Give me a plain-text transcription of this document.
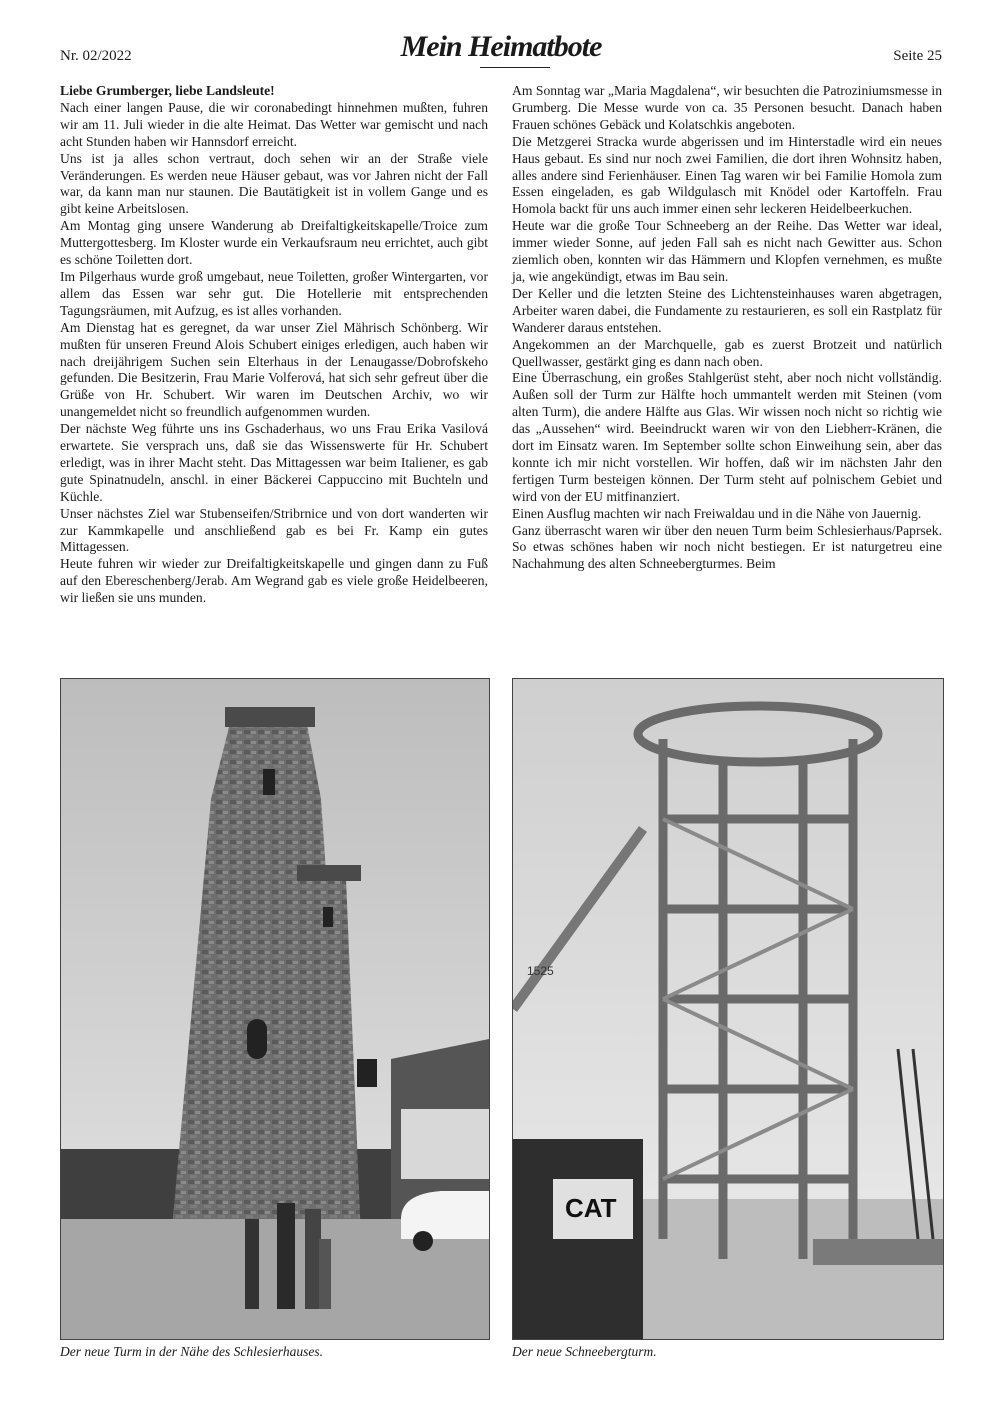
Nr. 02/2022	Mein Heimatbote	Seite 25

Liebe Grumberger, liebe Landsleute!

Nach einer langen Pause, die wir coronabedingt hinnehmen mußten, fuhren wir am 11. Juli wieder in die alte Heimat. Das Wetter war gemischt und nach acht Stunden haben wir Hannsdorf erreicht.

Uns ist ja alles schon vertraut, doch sehen wir an der Straße viele Veränderungen. Es werden neue Häuser gebaut, was vor Jahren nicht der Fall war, da kann man nur staunen. Die Bautätigkeit ist in vollem Gange und es gibt keine Arbeitslosen.

Am Montag ging unsere Wanderung ab Dreifaltigkeitskapelle/Troice zum Muttergottesberg. Im Kloster wurde ein Verkaufsraum neu errichtet, auch gibt es schöne Toiletten dort.

Im Pilgerhaus wurde groß umgebaut, neue Toiletten, großer Wintergarten, vor allem das Essen war sehr gut. Die Hotellerie mit entsprechenden Tagungsräumen, mit Aufzug, es ist alles vorhanden.

Am Dienstag hat es geregnet, da war unser Ziel Mährisch Schönberg. Wir mußten für unseren Freund Alois Schubert einiges erledigen, auch haben wir nach dreijährigem Suchen sein Elterhaus in der Lenaugasse/Dobrofskeho gefunden. Die Besitzerin, Frau Marie Volferová, hat sich sehr gefreut über die Grüße von Hr. Schubert. Wir waren im Deutschen Archiv, wo wir unangemeldet nicht so freundlich aufgenommen wurden.

Der nächste Weg führte uns ins Gschaderhaus, wo uns Frau Erika Vasilová erwartete. Sie versprach uns, daß sie das Wissenswerte für Hr. Schubert erledigt, was in ihrer Macht steht. Das Mittagessen war beim Italiener, es gab gute Spinatnudeln, anschl. in einer Bäckerei Cappuccino mit Buchteln und Küchle.

Unser nächstes Ziel war Stubenseifen/Stribrnice und von dort wanderten wir zur Kammkapelle und anschließend gab es bei Fr. Kamp ein gutes Mittagessen.

Heute fuhren wir wieder zur Dreifaltigkeitskapelle und gingen dann zu Fuß auf den Ebereschenberg/Jerab. Am Wegrand gab es viele große Heidelbeeren, wir ließen sie uns munden.

Am Sonntag war „Maria Magdalena“, wir besuchten die Patroziniumsmesse in Grumberg. Die Messe wurde von ca. 35 Personen besucht. Danach haben Frauen schönes Gebäck und Kolatschkis angeboten.

Die Metzgerei Stracka wurde abgerissen und im Hinterstadle wird ein neues Haus gebaut. Es sind nur noch zwei Familien, die dort ihren Wohnsitz haben, alles andere sind Ferienhäuser. Einen Tag waren wir bei Familie Homola zum Essen eingeladen, es gab Wildgulasch mit Knödel oder Kartoffeln. Frau Homola backt für uns auch immer einen sehr leckeren Heidelbeerkuchen.

Heute war die große Tour Schneeberg an der Reihe. Das Wetter war ideal, immer wieder Sonne, auf jeden Fall sah es nicht nach Gewitter aus. Schon ziemlich oben, konnten wir das Hämmern und Klopfen vernehmen, es mußte ja, wie angekündigt, etwas im Bau sein.

Der Keller und die letzten Steine des Lichtensteinhauses waren abgetragen, Arbeiter waren dabei, die Fundamente zu restaurieren, es soll ein Rastplatz für Wanderer daraus entstehen.

Angekommen an der Marchquelle, gab es zuerst Brotzeit und natürlich Quellwasser, gestärkt ging es dann nach oben.

Eine Überraschung, ein großes Stahlgerüst steht, aber noch nicht vollständig. Außen soll der Turm zur Hälfte hoch ummantelt werden mit Steinen (vom alten Turm), die andere Hälfte aus Glas. Wir wissen noch nicht so richtig wie das „Aussehen“ wird. Beeindruckt waren wir von den Liebherr-Kränen, die dort im Einsatz waren. Im September sollte schon Einweihung sein, aber das konnte ich mir nicht vorstellen. Wir hoffen, daß wir im nächsten Jahr den fertigen Turm besteigen können. Der Turm steht auf polnischem Gebiet und wird von der EU mitfinanziert.

Einen Ausflug machten wir nach Freiwaldau und in die Nähe von Jauernig.

Ganz überrascht waren wir über den neuen Turm beim Schlesierhaus/Paprsek. So etwas schönes haben wir noch nicht bestiegen. Er ist naturgetreu eine Nachahmung des alten Schneebergturmes. Beim

1525
CAT
Der neue Turm in der Nähe des Schlesierhauses.	Der neue Schneebergturm.
